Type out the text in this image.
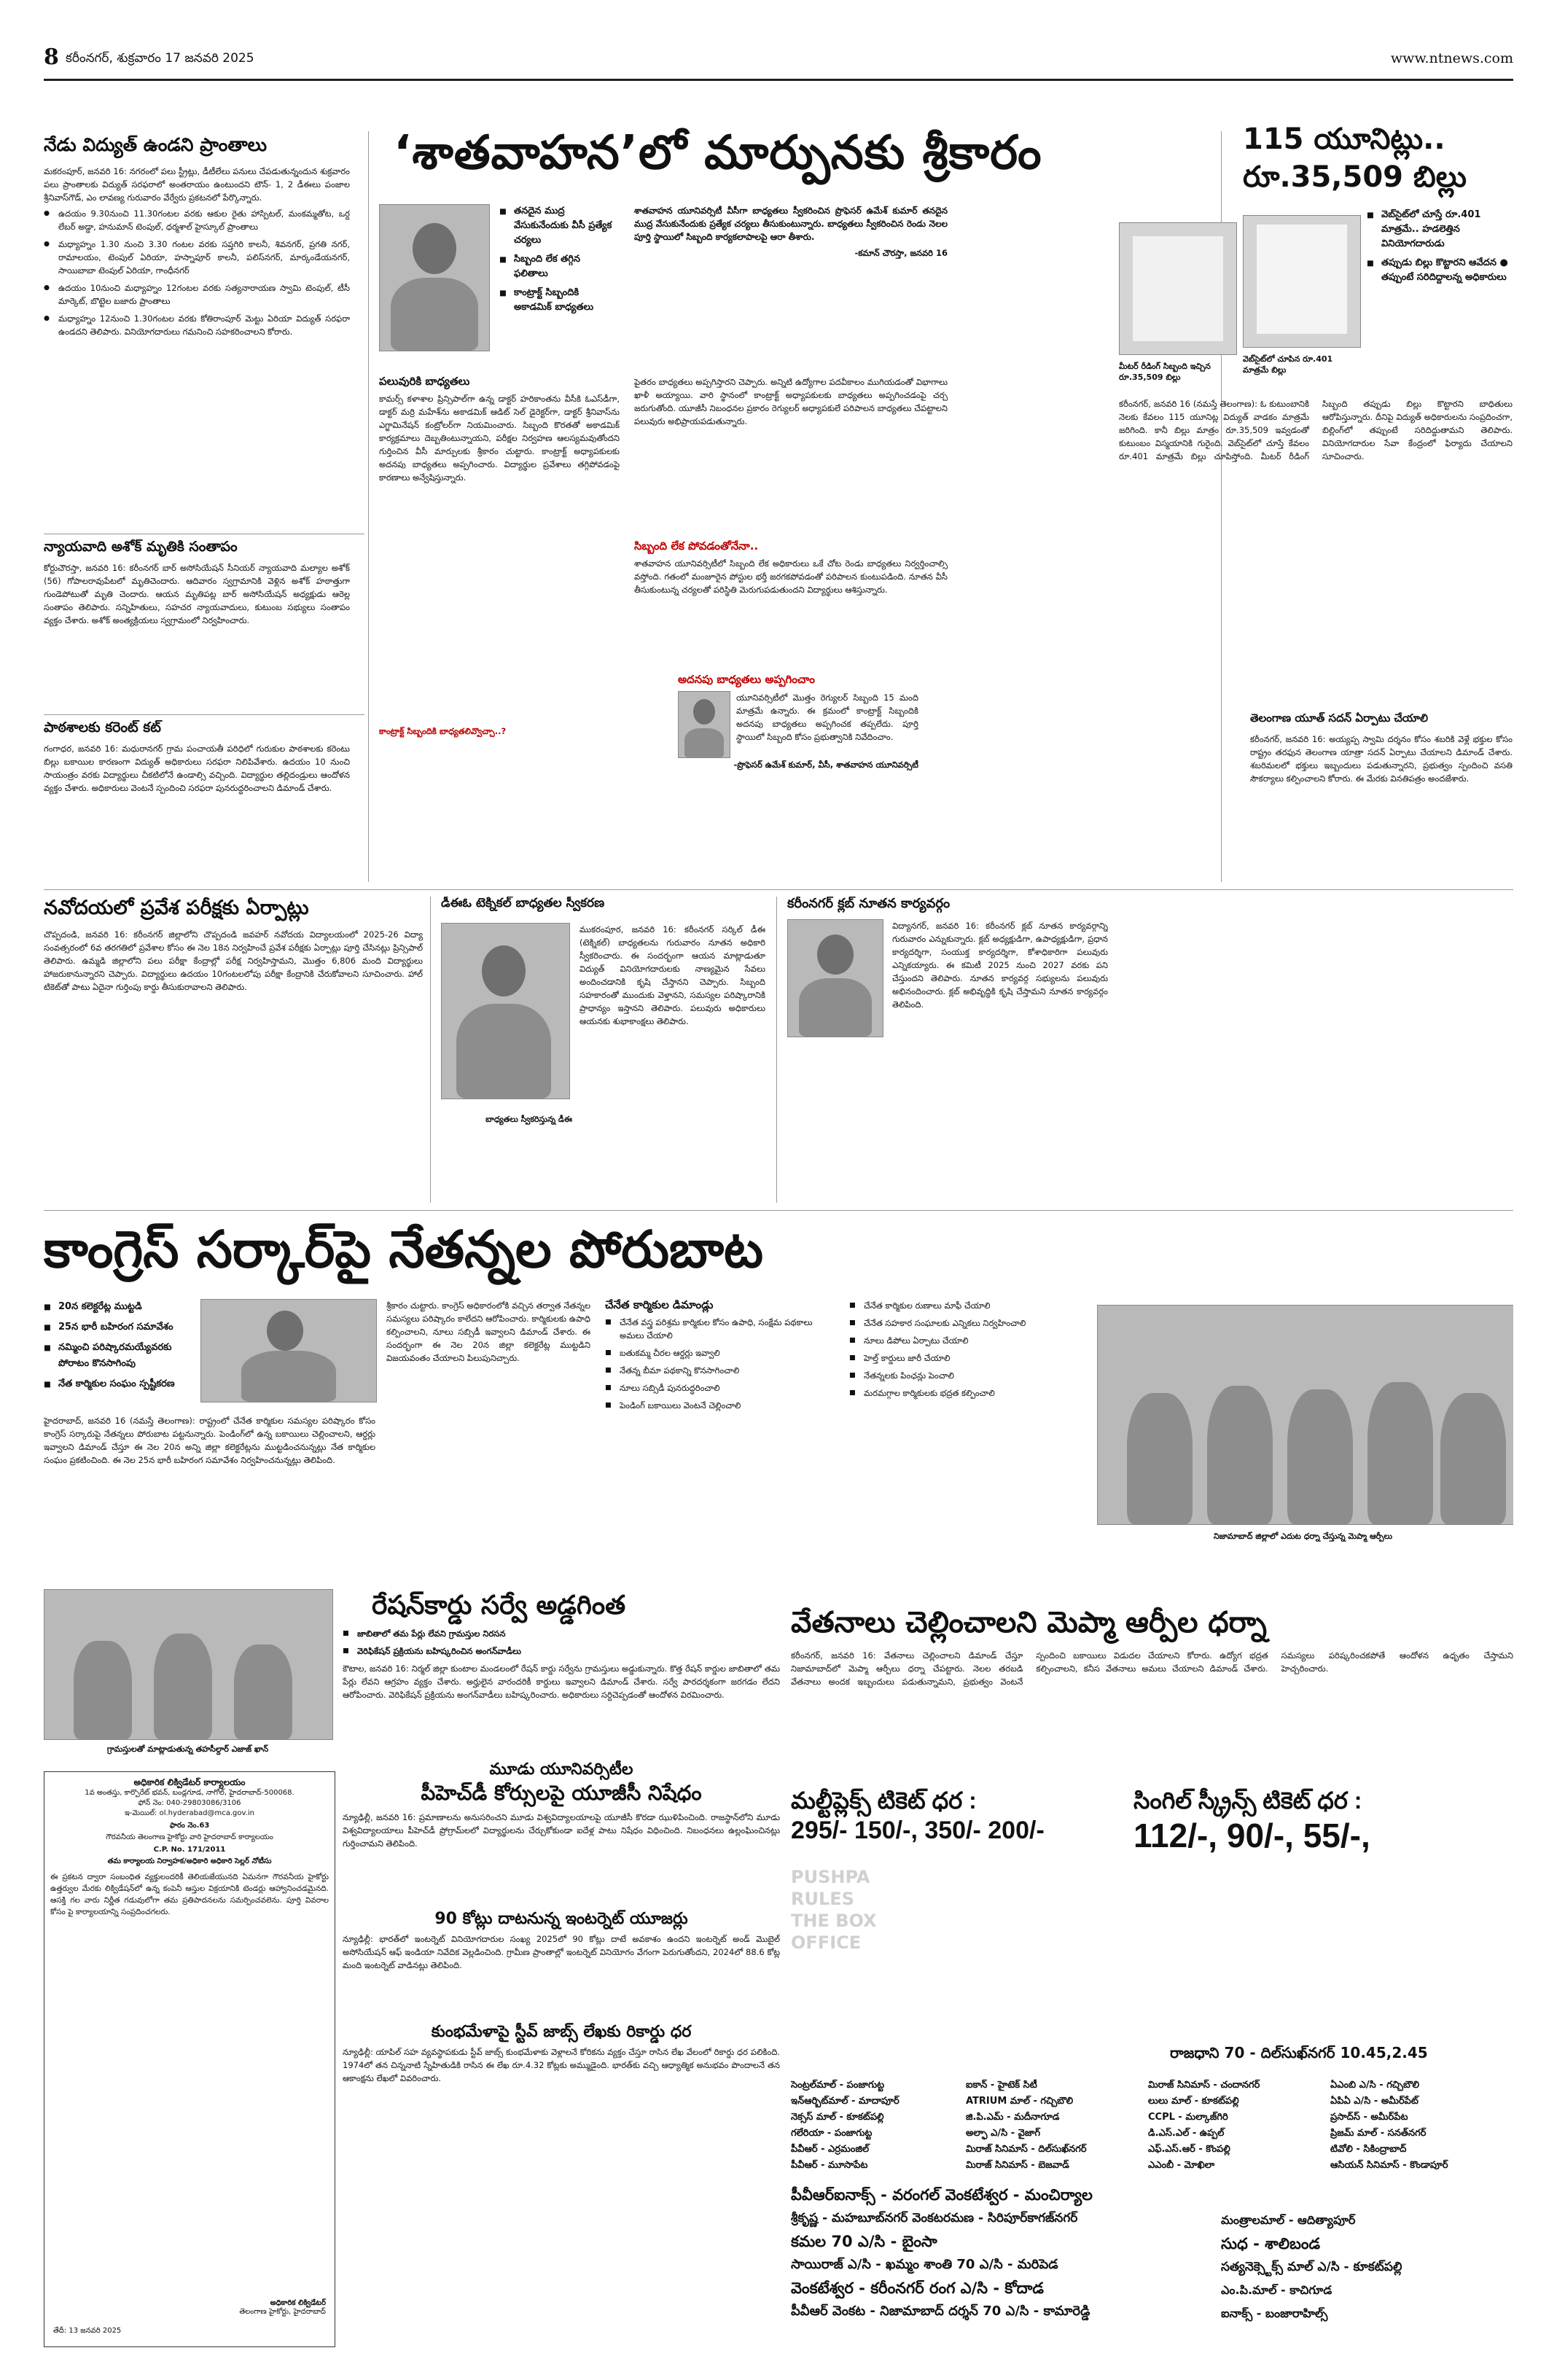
8 కరీంనగర్, శుక్రవారం 17 జనవరి 2025	www.ntnews.com
నేడు విద్యుత్ ఉండని ప్రాంతాలు

మకరంపూర్, జనవరి 16: నగరంలో పలు స్ట్రీట్లు, డీటీలేలు పనులు చేపడుతున్నందున శుక్రవారం పలు ప్రాంతాలకు విద్యుత్ సరఫరాలో అంతరాయం ఉంటుందని టౌన్- 1, 2 డీఈలు పంజాల శ్రీనివాస్‌గౌడ్, ఎం లావణ్య గురువారం వేర్వేరు ప్రకటనలో పేర్కొన్నారు.

● ఉదయం 9.30నుంచి 11.30గంటల వరకు ఆకుల రైతు హాస్పిటల్, మంకమ్మతోట, ఒర్ద లేబర్ అడ్డా, హనుమాన్ టెంపుల్, ధర్మశాల్ హైస్కూల్ ప్రాంతాలు
● మధ్యాహ్నం 1.30 నుంచి 3.30 గంటల వరకు సప్తగిరి కాలనీ, శివనగర్, ప్రగతి నగర్, రామాలయం, టెంపుల్ ఏరియా, హస్నాపూర్ కాలనీ, పలిస్‌నగర్, మార్కండేయనగర్, సాయిబాబా టెంపుల్ ఏరియా, గాంధీనగర్
● ఉదయం 10నుంచి మధ్యాహ్నం 12గంటల వరకు సత్యనారాయణ స్వామి టెంపుల్, టీసీ మార్కెట్, బొట్టెల బజారు ప్రాంతాలు
● మధ్యాహ్నం 12నుంచి 1.30గంటల వరకు కోతిరాంపూర్ మెట్టు ఏరియా విద్యుత్ సరఫరా ఉండదని తెలిపారు. వినియోగదారులు గమనించి సహకరించాలని కోరారు.
న్యాయవాది అశోక్ మృతికి సంతాపం

కోర్టుచౌరస్తా, జనవరి 16: కరీంనగర్ బార్ అసోసియేషన్ సీనియర్ న్యాయవాది మల్యాల అశోక్ (56) గోపాలరావుపేటలో మృతిచెందారు. ఆదివారం స్వగ్రామానికి వెళ్లిన అశోక్ హఠాత్తుగా గుండెపోటుతో మృతి చెందారు. ఆయన మృతిపట్ల బార్ అసోసియేషన్ అధ్యక్షుడు ఆరెల్ల సంతాపం తెలిపారు. సన్నిహితులు, సహచర న్యాయవాదులు, కుటుంబ సభ్యులు సంతాపం వ్యక్తం చేశారు. అశోక్ అంత్యక్రియలు స్వగ్రామంలో నిర్వహించారు.

పాఠశాలకు కరెంట్ కట్

గంగాధర, జనవరి 16: మధురానగర్ గ్రామ పంచాయతీ పరిధిలో గురుకుల పాఠశాలకు కరెంటు బిల్లు బకాయిల కారణంగా విద్యుత్ అధికారులు సరఫరా నిలిపివేశారు. ఉదయం 10 నుంచి సాయంత్రం వరకు విద్యార్థులు చీకటిలోనే ఉండాల్సి వచ్చింది. విద్యార్థుల తల్లిదండ్రులు ఆందోళన వ్యక్తం చేశారు. అధికారులు వెంటనే స్పందించి సరఫరా పునరుద్ధరించాలని డిమాండ్ చేశారు.

‘శాతవాహన’లో మార్పునకు శ్రీకారం
■ తనదైన ముద్ర వేసుకునేందుకు వీసీ ప్రత్యేక చర్యలు
■ సిబ్బంది లేక తగ్గిన ఫలితాలు
■ కాంట్రాక్ట్ సిబ్బందికి అకాడమిక్ బాధ్యతలు

శాతవాహన యూనివర్సిటీ వీసీగా బాధ్యతలు స్వీకరించిన ప్రొఫెసర్ ఉమేశ్ కుమార్ తనదైన ముద్ర వేసుకునేందుకు ప్రత్యేక చర్యలు తీసుకుంటున్నారు. బాధ్యతలు స్వీకరించిన రెండు నెలల పూర్తి స్థాయిలో సిబ్బంది కార్యకలాపాలపై ఆరా తీశారు.

-కమాన్ చౌరస్తా, జనవరి 16

పలువురికి బాధ్యతలు

కామర్స్ కళాశాల ప్రిన్సిపాల్‌గా ఉన్న డాక్టర్ హరికాంతను వీసీకి ఓఎస్‌డీగా, డాక్టర్ మర్రి మహేశ్‌ను అకాడమిక్ ఆడిట్ సెల్ డైరెక్టర్‌గా, డాక్టర్ శ్రీనివాస్‌ను ఎగ్జామినేషన్ కంట్రోలర్‌గా నియమించారు. సిబ్బంది కొరతతో అకాడమిక్ కార్యక్రమాలు దెబ్బతింటున్నాయని, పరీక్షల నిర్వహణ ఆలస్యమవుతోందని గుర్తించిన వీసీ మార్పులకు శ్రీకారం చుట్టారు. కాంట్రాక్ట్ అధ్యాపకులకు అదనపు బాధ్యతలు అప్పగించారు. విద్యార్థుల ప్రవేశాలు తగ్గిపోవడంపై కారణాలు అన్వేషిస్తున్నారు.

కాంట్రాక్ట్ సిబ్బందికి బాధ్యతలివ్వొచ్చా..?

పైతరం బాధ్యతలు అప్పగిస్తారని చెప్పారు. అన్నిటి ఉద్యోగాల పదవీకాలం ముగియడంతో విభాగాలు ఖాళీ అయ్యాయి. వారి స్థానంలో కాంట్రాక్ట్ అధ్యాపకులకు బాధ్యతలు అప్పగించడంపై చర్చ జరుగుతోంది. యూజీసీ నిబంధనల ప్రకారం రెగ్యులర్ అధ్యాపకులే పరిపాలన బాధ్యతలు చేపట్టాలని పలువురు అభిప్రాయపడుతున్నారు.

సిబ్బంది లేక పోవడంతోనేనా..

శాతవాహన యూనివర్సిటీలో సిబ్బంది లేక అధికారులు ఒకే చోట రెండు బాధ్యతలు నిర్వర్తించాల్సి వస్తోంది. గతంలో మంజూరైన పోస్టుల భర్తీ జరగకపోవడంతో పరిపాలన కుంటుపడింది. నూతన వీసీ తీసుకుంటున్న చర్యలతో పరిస్థితి మెరుగుపడుతుందని విద్యార్థులు ఆశిస్తున్నారు.

అదనపు బాధ్యతలు అప్పగించాం

యూనివర్సిటీలో మొత్తం రెగ్యులర్ సిబ్బంది 15 మంది మాత్రమే ఉన్నారు. ఈ క్రమంలో కాంట్రాక్ట్ సిబ్బందికి అదనపు బాధ్యతలు అప్పగించక తప్పలేదు. పూర్తి స్థాయిలో సిబ్బంది కోసం ప్రభుత్వానికి నివేదించాం.

-ప్రొఫెసర్ ఉమేశ్ కుమార్, వీసీ, శాతవాహన యూనివర్సిటీ

115 యూనిట్లు..
రూ.35,509 బిల్లు
■ వెబ్‌సైట్‌లో చూస్తే రూ.401 మాత్రమే.. హడలెత్తిన వినియోగదారుడు
■ తప్పుడు బిల్లు కొట్టారని ఆవేదన ● తప్పుంటే సరిదిద్దాలన్న అధికారులు
మీటర్ రీడింగ్ సిబ్బంది ఇచ్చిన రూ.35,509 బిల్లు
వెబ్‌సైట్‌లో చూపిన రూ.401 మాత్రమే బిల్లు

కరీంనగర్, జనవరి 16 (నమస్తే తెలంగాణ): ఓ కుటుంబానికి నెలకు కేవలం 115 యూనిట్ల విద్యుత్ వాడకం మాత్రమే జరిగింది. కానీ బిల్లు మాత్రం రూ.35,509 ఇవ్వడంతో కుటుంబం విస్మయానికి గురైంది. వెబ్‌సైట్‌లో చూస్తే కేవలం రూ.401 మాత్రమే బిల్లు చూపిస్తోంది. మీటర్ రీడింగ్ సిబ్బంది తప్పుడు బిల్లు కొట్టారని బాధితులు ఆరోపిస్తున్నారు. దీనిపై విద్యుత్ అధికారులను సంప్రదించగా, బిల్లింగ్‌లో తప్పుంటే సరిదిద్దుతామని తెలిపారు. వినియోగదారుల సేవా కేంద్రంలో ఫిర్యాదు చేయాలని సూచించారు.

తెలంగాణ యూత్ సదన్ ఏర్పాటు చేయాలి

కరీంనగర్, జనవరి 16: అయ్యప్ప స్వామి దర్శనం కోసం శబరికి వెళ్లే భక్తుల కోసం రాష్ట్రం తరఫున తెలంగాణ యాత్రా సదన్ ఏర్పాటు చేయాలని డిమాండ్ చేశారు. శబరిమలలో భక్తులు ఇబ్బందులు పడుతున్నారని, ప్రభుత్వం స్పందించి వసతి సౌకర్యాలు కల్పించాలని కోరారు. ఈ మేరకు వినతిపత్రం అందజేశారు.

నవోదయలో ప్రవేశ పరీక్షకు ఏర్పాట్లు

చొప్పదండి, జనవరి 16: కరీంనగర్ జిల్లాలోని చొప్పదండి జవహర్ నవోదయ విద్యాలయంలో 2025-26 విద్యా సంవత్సరంలో 6వ తరగతిలో ప్రవేశాల కోసం ఈ నెల 18న నిర్వహించే ప్రవేశ పరీక్షకు ఏర్పాట్లు పూర్తి చేసినట్లు ప్రిన్సిపాల్ తెలిపారు. ఉమ్మడి జిల్లాలోని పలు పరీక్షా కేంద్రాల్లో పరీక్ష నిర్వహిస్తామని, మొత్తం 6,806 మంది విద్యార్థులు హాజరుకానున్నారని చెప్పారు. విద్యార్థులు ఉదయం 10గంటలలోపు పరీక్షా కేంద్రానికి చేరుకోవాలని సూచించారు. హాల్ టికెట్‌తో పాటు ఏదైనా గుర్తింపు కార్డు తీసుకురావాలని తెలిపారు.

డీఈఓ టెక్నికల్ బాధ్యతల స్వీకరణ

ముకరంపూర, జనవరి 16: కరీంనగర్ సర్కిల్ డీఈ (టెక్నికల్) బాధ్యతలను గురువారం నూతన అధికారి స్వీకరించారు. ఈ సందర్భంగా ఆయన మాట్లాడుతూ విద్యుత్ వినియోగదారులకు నాణ్యమైన సేవలు అందించడానికి కృషి చేస్తానని చెప్పారు. సిబ్బంది సహకారంతో ముందుకు వెళ్తానని, సమస్యల పరిష్కారానికి ప్రాధాన్యం ఇస్తానని తెలిపారు. పలువురు అధికారులు ఆయనకు శుభాకాంక్షలు తెలిపారు.

బాధ్యతలు స్వీకరిస్తున్న డీఈ
కరీంనగర్ క్లబ్ నూతన కార్యవర్గం

విద్యానగర్, జనవరి 16: కరీంనగర్ క్లబ్ నూతన కార్యవర్గాన్ని గురువారం ఎన్నుకున్నారు. క్లబ్ అధ్యక్షుడిగా, ఉపాధ్యక్షుడిగా, ప్రధాన కార్యదర్శిగా, సంయుక్త కార్యదర్శిగా, కోశాధికారిగా పలువురు ఎన్నికయ్యారు. ఈ కమిటీ 2025 నుంచి 2027 వరకు పని చేస్తుందని తెలిపారు. నూతన కార్యవర్గ సభ్యులను పలువురు అభినందించారు. క్లబ్ అభివృద్ధికి కృషి చేస్తామని నూతన కార్యవర్గం తెలిపింది.

కాంగ్రెస్ సర్కార్‌పై నేతన్నల పోరుబాట
■ 20న కలెక్టరేట్ల ముట్టడి
■ 25న భారీ బహిరంగ సమావేశం
■ నమ్మించి పరిష్కారమయ్యేవరకు పోరాటం కొనసాగింపు
■ నేత కార్మికుల సంఘం స్పష్టీకరణ

హైదరాబాద్, జనవరి 16 (నమస్తే తెలంగాణ): రాష్ట్రంలో చేనేత కార్మికుల సమస్యల పరిష్కారం కోసం కాంగ్రెస్ సర్కారుపై నేతన్నలు పోరుబాట పట్టనున్నారు. పెండింగ్‌లో ఉన్న బకాయిలు చెల్లించాలని, ఆర్డర్లు ఇవ్వాలని డిమాండ్ చేస్తూ ఈ నెల 20న అన్ని జిల్లా కలెక్టరేట్లను ముట్టడించనున్నట్లు నేత కార్మికుల సంఘం ప్రకటించింది. ఈ నెల 25న భారీ బహిరంగ సమావేశం నిర్వహించనున్నట్లు తెలిపింది.

శ్రీకారం చుట్టారు. కాంగ్రెస్ అధికారంలోకి వచ్చిన తర్వాత నేతన్నల సమస్యలు పరిష్కారం కాలేదని ఆరోపించారు. కార్మికులకు ఉపాధి కల్పించాలని, నూలు సబ్సిడీ ఇవ్వాలని డిమాండ్ చేశారు. ఈ సందర్భంగా ఈ నెల 20న జిల్లా కలెక్టరేట్ల ముట్టడిని విజయవంతం చేయాలని పిలుపునిచ్చారు.

చేనేత కార్మికుల డిమాండ్లు
■ చేనేత వస్త్ర పరిశ్రమ కార్మికుల కోసం ఉపాధి, సంక్షేమ పథకాలు అమలు చేయాలి
■ బతుకమ్మ చీరల ఆర్డర్లు ఇవ్వాలి
■ నేతన్న బీమా పథకాన్ని కొనసాగించాలి
■ నూలు సబ్సిడీ పునరుద్ధరించాలి
■ పెండింగ్ బకాయిలు వెంటనే చెల్లించాలి
■ చేనేత కార్మికుల రుణాలు మాఫీ చేయాలి
■ చేనేత సహకార సంఘాలకు ఎన్నికలు నిర్వహించాలి
■ నూలు డిపోలు ఏర్పాటు చేయాలి
■ హెల్త్ కార్డులు జారీ చేయాలి
■ నేతన్నలకు పింఛన్లు పెంచాలి
■ మరమగ్గాల కార్మికులకు భద్రత కల్పించాలి
నిజామాబాద్ జిల్లాలో ఎదుట ధర్నా చేస్తున్న మెప్మా ఆర్పీలు
రేషన్‌కార్డు సర్వే అడ్డగింత
■ జాబితాలో తమ పేర్లు లేవని గ్రామస్తుల నిరసన
■ వెరిఫికేషన్ ప్రక్రియను బహిష్కరించిన అంగన్‌వాడీలు

కౌటాల, జనవరి 16: నిర్మల్ జిల్లా కుంటాల మండలంలో రేషన్ కార్డు సర్వేను గ్రామస్తులు అడ్డుకున్నారు. కొత్త రేషన్ కార్డుల జాబితాలో తమ పేర్లు లేవని ఆగ్రహం వ్యక్తం చేశారు. అర్హులైన వారందరికీ కార్డులు ఇవ్వాలని డిమాండ్ చేశారు. సర్వే పారదర్శకంగా జరగడం లేదని ఆరోపించారు. వెరిఫికేషన్ ప్రక్రియను అంగన్‌వాడీలు బహిష్కరించారు. అధికారులు సర్దిచెప్పడంతో ఆందోళన విరమించారు.

గ్రామస్తులతో మాట్లాడుతున్న తహసీల్దార్ ఎజాజ్ ఖాన్
అధికారిక లిక్విడేటర్ కార్యాలయం
1వ అంతస్తు, కార్పొరేట్ భవన్, బండ్లగూడ, నాగోల్, హైదరాబాద్-500068.
ఫోన్ నెం: 040-29803086/3106
ఇ-మెయిల్: ol.hyderabad@mca.gov.in
ఫారం నెం.63
గౌరవనీయ తెలంగాణ హైకోర్టు వారి హైదరాబాద్ కార్యాలయం
C.P. No. 171/2011
తమ కార్యాలయ నిర్వాహక/అధికారి అధికారి సెల్లర్ నోటీసు

ఈ ప్రకటన ద్వారా సంబంధిత వ్యక్తులందరికీ తెలియజేయునది ఏమనగా గౌరవనీయ హైకోర్టు ఉత్తర్వుల మేరకు లిక్విడేషన్‌లో ఉన్న కంపెనీ ఆస్తుల విక్రయానికి టెండర్లు ఆహ్వానించడమైనది. ఆసక్తి గల వారు నిర్ణీత గడువులోగా తమ ప్రతిపాదనలను సమర్పించవలెను. పూర్తి వివరాల కోసం పై కార్యాలయాన్ని సంప్రదించగలరు.

అధికారిక లిక్విడేటర్
తెలంగాణ హైకోర్టు, హైదరాబాద్
తేదీ: 13 జనవరి 2025
మూడు యూనివర్సిటీల
పీహెచ్‌డీ కోర్సులపై యూజీసీ నిషేధం

న్యూఢిల్లీ, జనవరి 16: ప్రమాణాలను అనుసరించని మూడు విశ్వవిద్యాలయాలపై యూజీసీ కొరడా ఝుళిపించింది. రాజస్థాన్‌లోని మూడు విశ్వవిద్యాలయాలు పీహెచ్‌డీ ప్రోగ్రామ్‌లలో విద్యార్థులను చేర్చుకోకుండా ఐదేళ్ల పాటు నిషేధం విధించింది. నిబంధనలు ఉల్లంఘించినట్లు గుర్తించామని తెలిపింది.

90 కోట్లు దాటనున్న ఇంటర్నెట్ యూజర్లు

న్యూఢిల్లీ: భారత్‌లో ఇంటర్నెట్ వినియోగదారుల సంఖ్య 2025లో 90 కోట్లు దాటే అవకాశం ఉందని ఇంటర్నెట్ అండ్ మొబైల్ అసోసియేషన్ ఆఫ్ ఇండియా నివేదిక వెల్లడించింది. గ్రామీణ ప్రాంతాల్లో ఇంటర్నెట్ వినియోగం వేగంగా పెరుగుతోందని, 2024లో 88.6 కోట్ల మంది ఇంటర్నెట్ వాడినట్లు తెలిపింది.

కుంభమేళాపై స్టీవ్ జాబ్స్ లేఖకు రికార్డు ధర

న్యూఢిల్లీ: యాపిల్ సహ వ్యవస్థాపకుడు స్టీవ్ జాబ్స్ కుంభమేళాకు వెళ్లాలనే కోరికను వ్యక్తం చేస్తూ రాసిన లేఖ వేలంలో రికార్డు ధర పలికింది. 1974లో తన చిన్ననాటి స్నేహితుడికి రాసిన ఈ లేఖ రూ.4.32 కోట్లకు అమ్ముడైంది. భారత్‌కు వచ్చి ఆధ్యాత్మిక అనుభవం పొందాలనే తన ఆకాంక్షను లేఖలో వివరించారు.

వేతనాలు చెల్లించాలని మెప్మా ఆర్పీల ధర్నా

కరీంనగర్, జనవరి 16: వేతనాలు చెల్లించాలని డిమాండ్ చేస్తూ నిజామాబాద్‌లో మెప్మా ఆర్పీలు ధర్నా చేపట్టారు. నెలల తరబడి వేతనాలు అందక ఇబ్బందులు పడుతున్నామని, ప్రభుత్వం వెంటనే స్పందించి బకాయిలు విడుదల చేయాలని కోరారు. ఉద్యోగ భద్రత కల్పించాలని, కనీస వేతనాలు అమలు చేయాలని డిమాండ్ చేశారు. సమస్యలు పరిష్కరించకపోతే ఆందోళన ఉధృతం చేస్తామని హెచ్చరించారు.

మల్టీప్లెక్స్ టికెట్ ధర :
295/- 150/-, 350/- 200/-
సింగిల్ స్క్రీన్స్ టికెట్ ధర :
112/-, 90/-, 55/-,
PUSHPA
RULES
THE BOX
OFFICE
రాజధాని 70 - దిల్‌సుఖ్‌నగర్ 10.45,2.45
సెంట్రల్‌మాల్ - పంజాగుట్ట
ఇన్‌ఆర్బిట్‌మాల్ - మాదాపూర్
నెక్సస్ మాల్ - కూకట్‌పల్లి
గలేరియా - పంజాగుట్ట
పీవీఆర్ - ఎర్రమంజిల్
పీవీఆర్ - మూసాపేట
ఐకాన్ - హైటెక్ సిటీ
ATRIUM మాల్ - గచ్చిబౌలి
జి.పి.ఎమ్ - మదీనాగూడ
అల్ఫా ఎ/సి - వైజాగ్
మిరాజ్ సినిమాస్ - దిల్‌సుఖ్‌నగర్
మిరాజ్ సినిమాస్ - బెజవాడ్
మిరాజ్ సినిమాస్ - చందానగర్
లులు మాల్ - కూకట్‌పల్లి
CCPL - మల్కాజ్‌గిరి
డి.ఎస్.ఎల్ - ఉప్పల్
ఎఫ్.ఎస్.ఆర్ - కొంపల్లి
ఎఎంబీ - మోఖిలా
ఏఎంబి ఎ/సి - గచ్చిబౌలి
ఏపిఏ ఎ/సి - అమీర్‌పేట్
ప్రసాద్‌స్ - అమీర్‌పేట
ప్రిజమ్ మాల్ - సనత్‌నగర్
టివోలి - సికింద్రాబాద్
ఆసియన్ సినిమాస్ - కొండాపూర్
పీవీఆర్‌ఐనాక్స్ - వరంగల్ వెంకటేశ్వర - మంచిర్యాల
శ్రీకృష్ణ - మహబూబ్‌నగర్ వెంకటరమణ - సిరిపూర్‌కాగజ్‌నగర్
కమల 70 ఎ/సి - బైంసా
సాయిరాజ్ ఎ/సి - ఖమ్మం శాంతి 70 ఎ/సి - మరిపెడ
వెంకటేశ్వర - కరీంనగర్ రంగ ఎ/సి - కోదాడ
పీవీఆర్ వెంకట - నిజామాబాద్ దర్శన్ 70 ఎ/సి - కామారెడ్డి
మంత్రాలమాల్ - ఆదిత్యాపూర్
సుధ - శాలిబండ
సత్యనెక్స్టెక్స్ మాల్ ఎ/సి - కూకట్‌పల్లి
ఎం.పి.మాల్ - కాచిగూడ
ఐనాక్స్ - బంజారాహిల్స్
